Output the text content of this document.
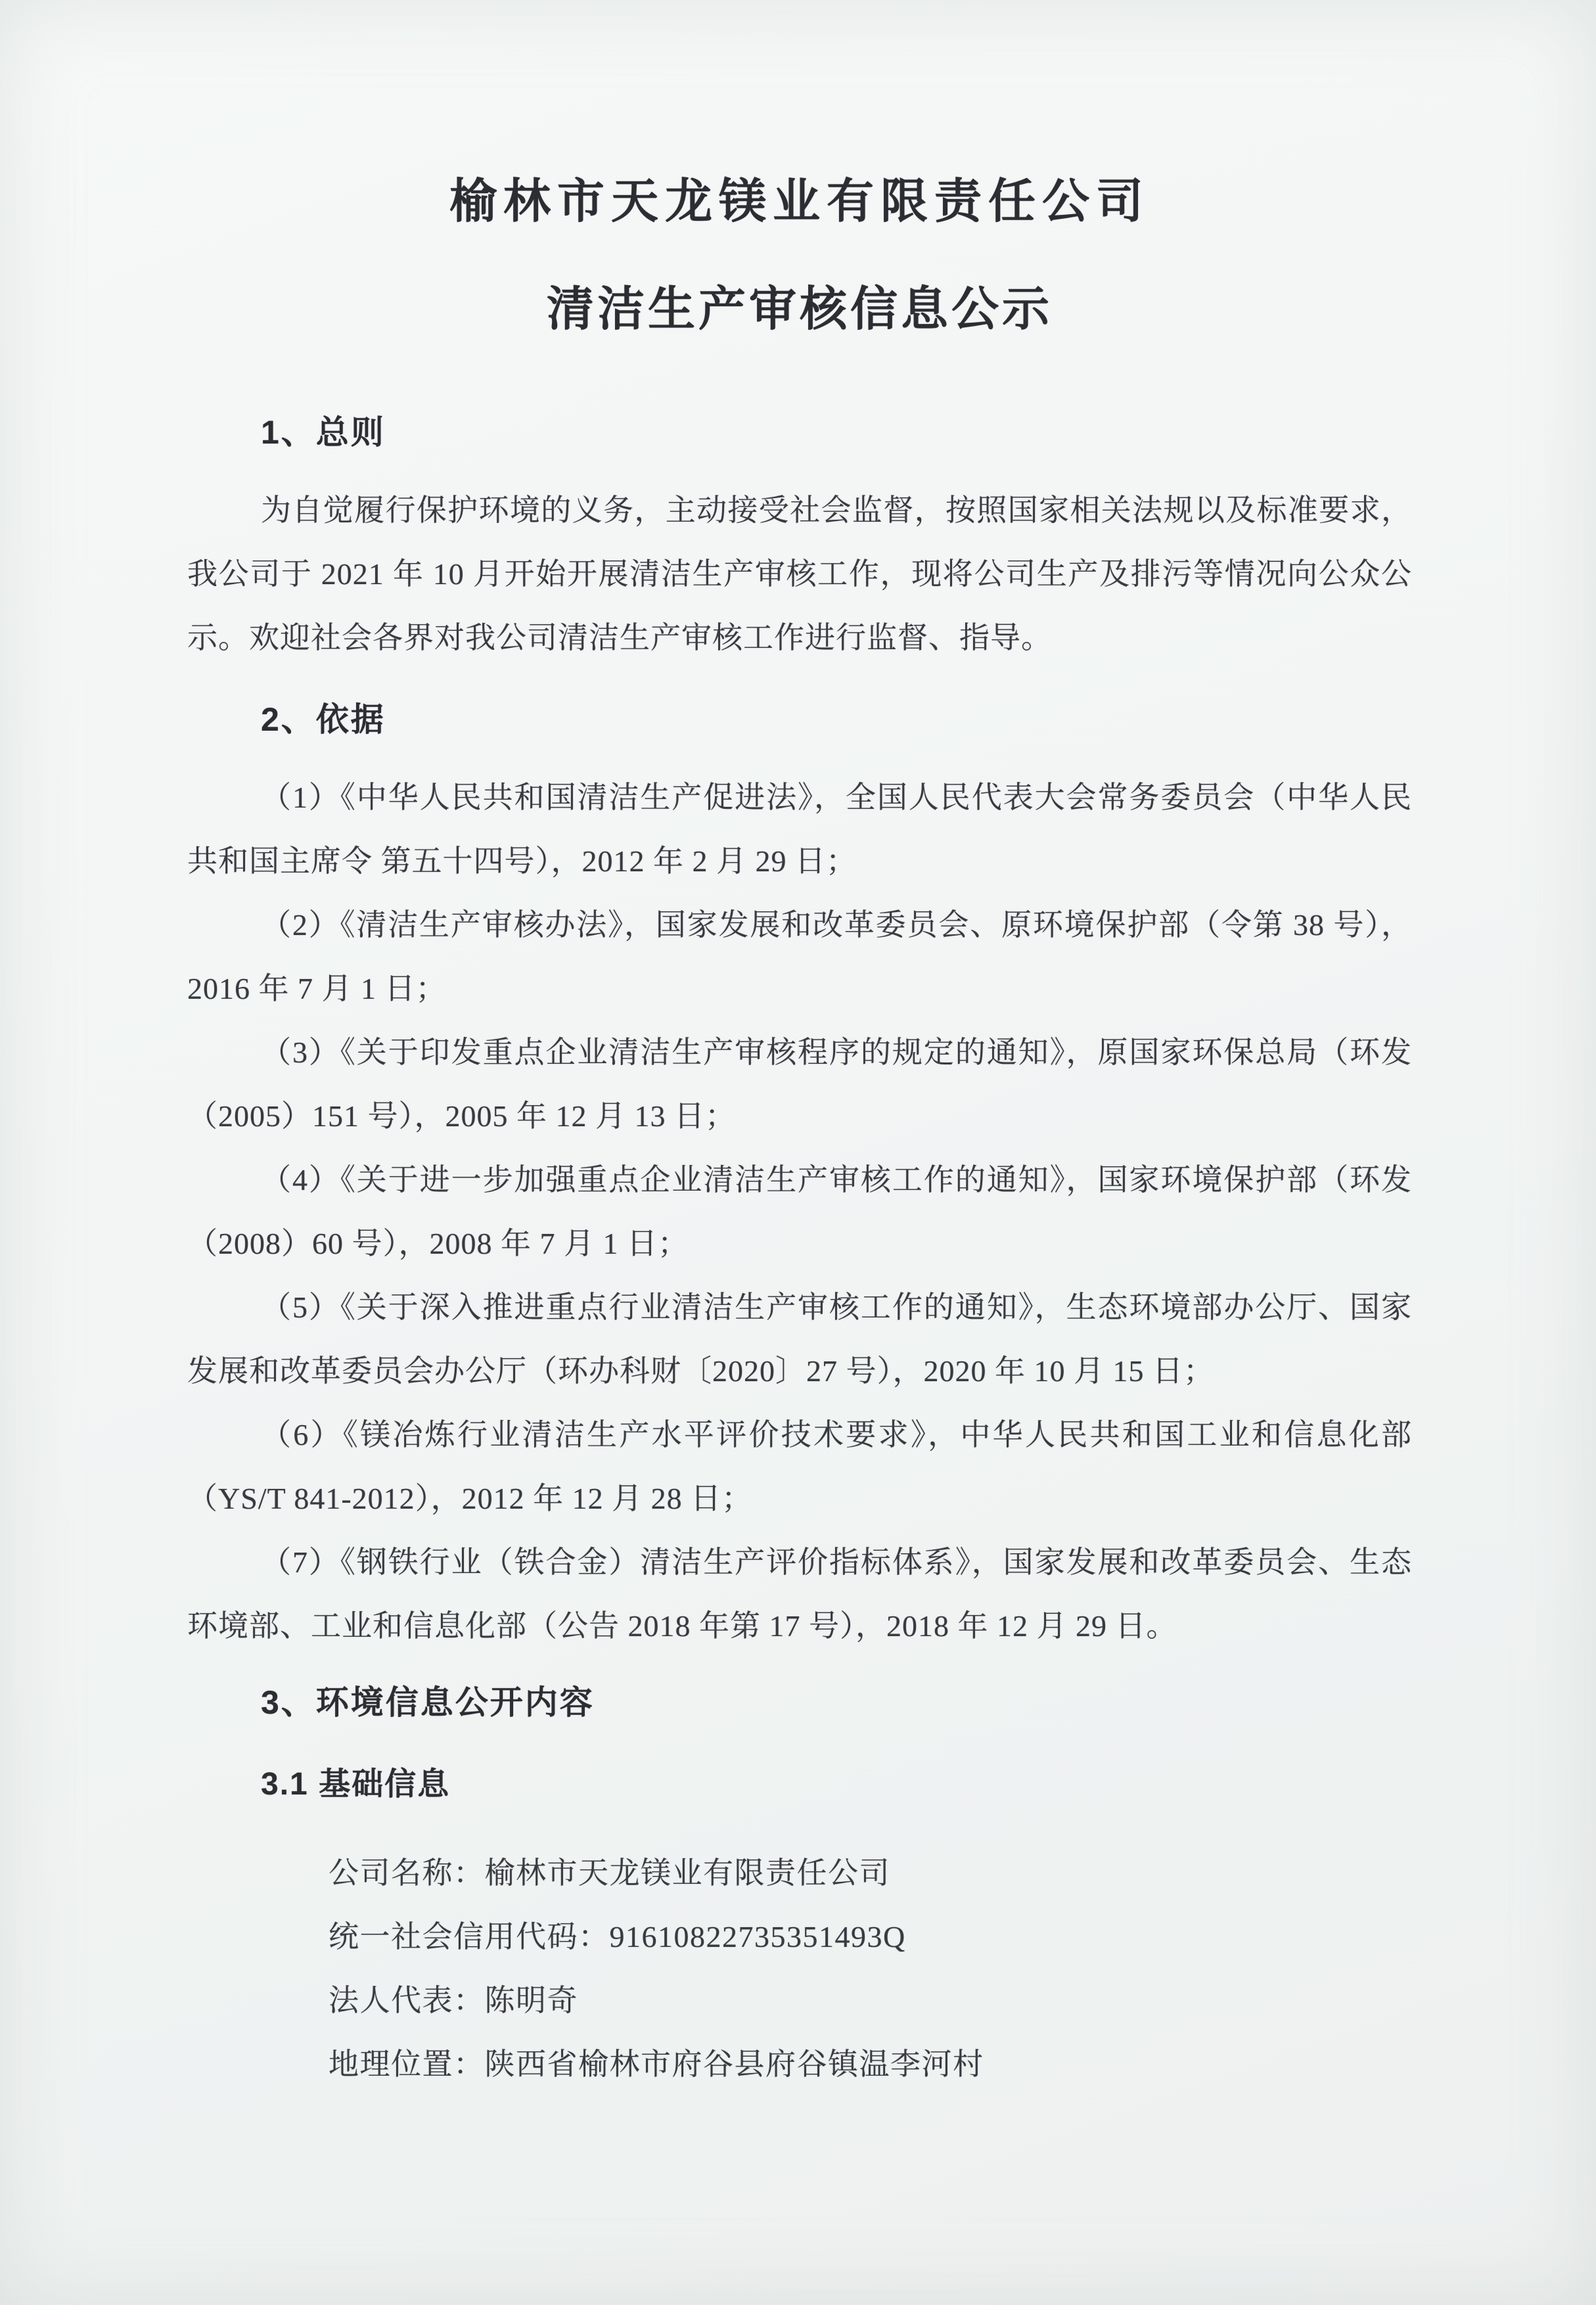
榆林市天龙镁业有限责任公司
清洁生产审核信息公示
1、总则

为自觉履行保护环境的义务，主动接受社会监督，按照国家相关法规以及标准要求，我公司于 2021 年 10 月开始开展清洁生产审核工作，现将公司生产及排污等情况向公众公示。欢迎社会各界对我公司清洁生产审核工作进行监督、指导。

2、依据

（1）《中华人民共和国清洁生产促进法》，全国人民代表大会常务委员会（中华人民共和国主席令 第五十四号），2012 年 2 月 29 日；

（2）《清洁生产审核办法》，国家发展和改革委员会、原环境保护部（令第 38 号），2016 年 7 月 1 日；

（3）《关于印发重点企业清洁生产审核程序的规定的通知》，原国家环保总局（环发（2005）151 号），2005 年 12 月 13 日；

（4）《关于进一步加强重点企业清洁生产审核工作的通知》，国家环境保护部（环发（2008）60 号），2008 年 7 月 1 日；

（5）《关于深入推进重点行业清洁生产审核工作的通知》，生态环境部办公厅、国家发展和改革委员会办公厅（环办科财〔2020〕27 号），2020 年 10 月 15 日；

（6）《镁冶炼行业清洁生产水平评价技术要求》，中华人民共和国工业和信息化部（YS/T 841-2012），2012 年 12 月 28 日；

（7）《钢铁行业（铁合金）清洁生产评价指标体系》，国家发展和改革委员会、生态环境部、工业和信息化部（公告 2018 年第 17 号），2018 年 12 月 29 日。

3、环境信息公开内容
3.1 基础信息
公司名称：榆林市天龙镁业有限责任公司
统一社会信用代码：91610822735351493Q
法人代表：陈明奇
地理位置：陕西省榆林市府谷县府谷镇温李河村
